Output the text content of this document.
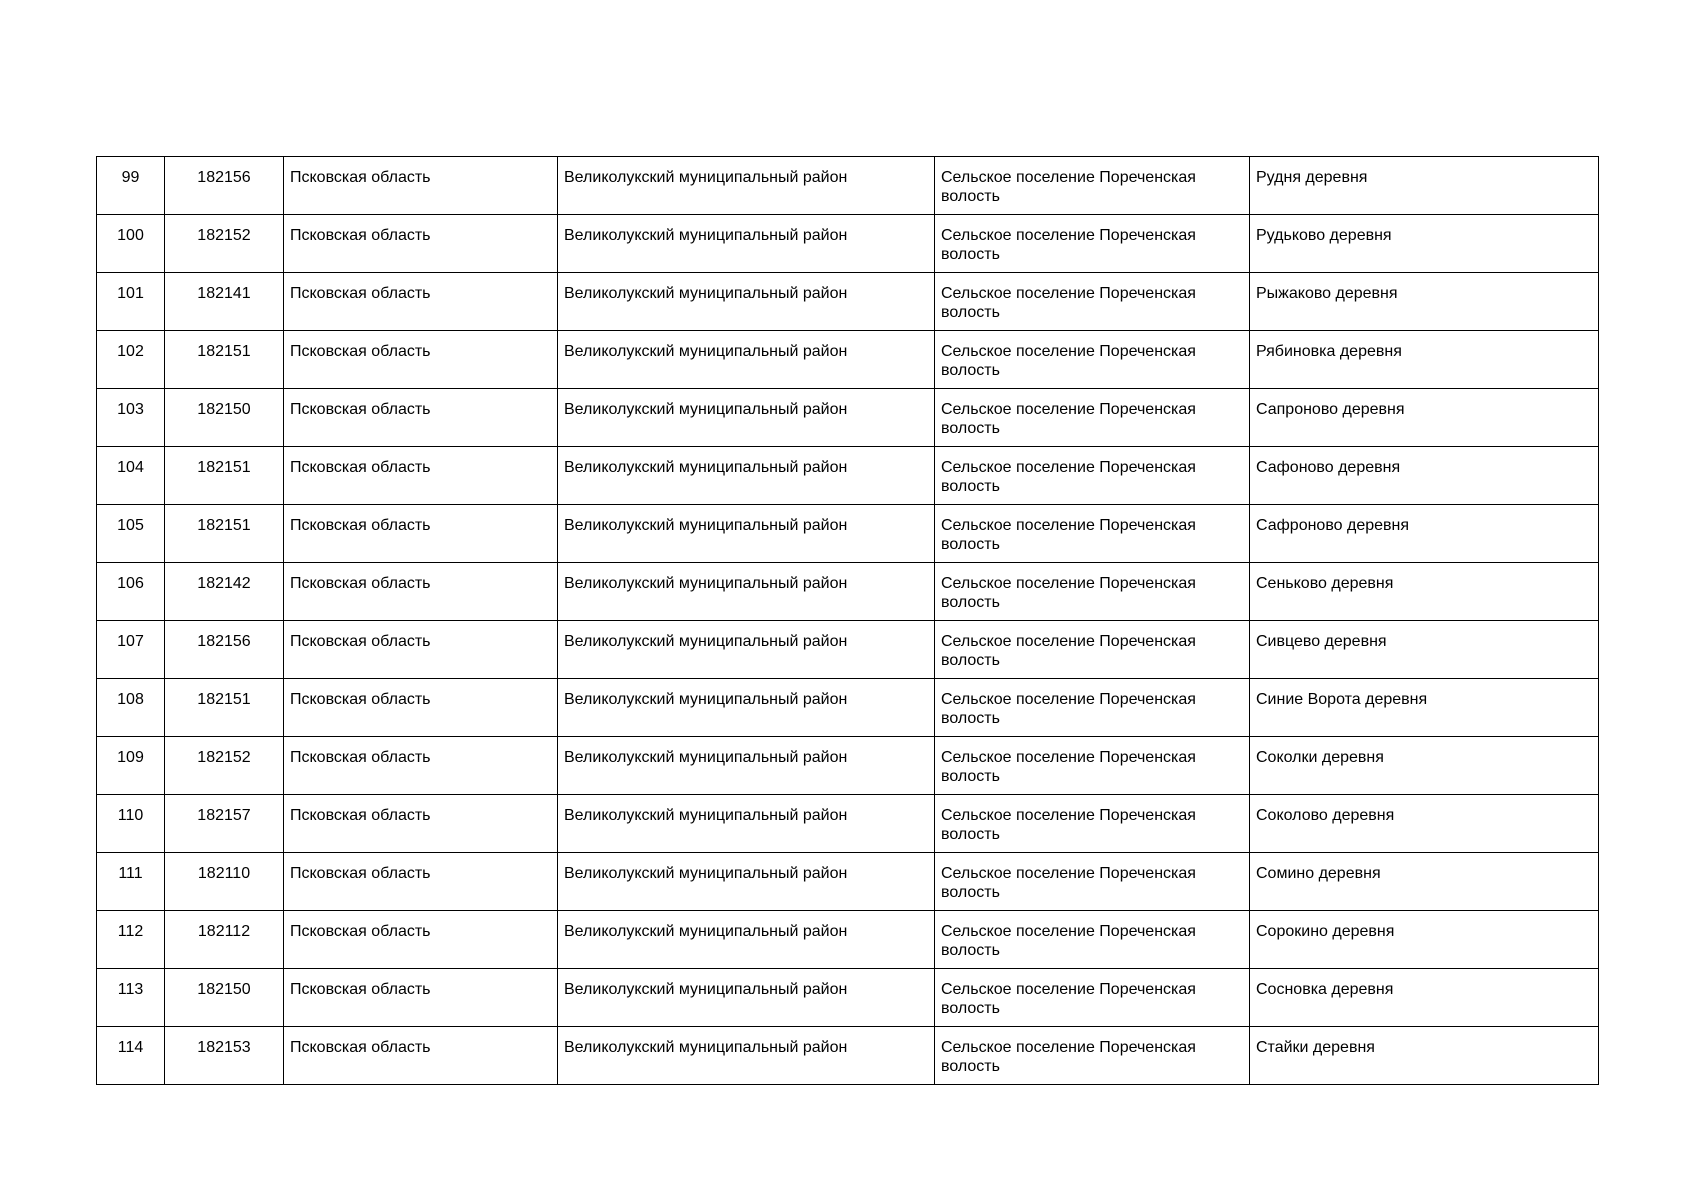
99	182156	Псковская область	Великолукский муниципальный район	Сельское поселение Пореченская волость	Рудня деревня
100	182152	Псковская область	Великолукский муниципальный район	Сельское поселение Пореченская волость	Рудьково деревня
101	182141	Псковская область	Великолукский муниципальный район	Сельское поселение Пореченская волость	Рыжаково деревня
102	182151	Псковская область	Великолукский муниципальный район	Сельское поселение Пореченская волость	Рябиновка деревня
103	182150	Псковская область	Великолукский муниципальный район	Сельское поселение Пореченская волость	Сапроново деревня
104	182151	Псковская область	Великолукский муниципальный район	Сельское поселение Пореченская волость	Сафоново деревня
105	182151	Псковская область	Великолукский муниципальный район	Сельское поселение Пореченская волость	Сафроново деревня
106	182142	Псковская область	Великолукский муниципальный район	Сельское поселение Пореченская волость	Сеньково деревня
107	182156	Псковская область	Великолукский муниципальный район	Сельское поселение Пореченская волость	Сивцево деревня
108	182151	Псковская область	Великолукский муниципальный район	Сельское поселение Пореченская волость	Синие Ворота деревня
109	182152	Псковская область	Великолукский муниципальный район	Сельское поселение Пореченская волость	Соколки деревня
110	182157	Псковская область	Великолукский муниципальный район	Сельское поселение Пореченская волость	Соколово деревня
111	182110	Псковская область	Великолукский муниципальный район	Сельское поселение Пореченская волость	Сомино деревня
112	182112	Псковская область	Великолукский муниципальный район	Сельское поселение Пореченская волость	Сорокино деревня
113	182150	Псковская область	Великолукский муниципальный район	Сельское поселение Пореченская волость	Сосновка деревня
114	182153	Псковская область	Великолукский муниципальный район	Сельское поселение Пореченская волость	Стайки деревня
